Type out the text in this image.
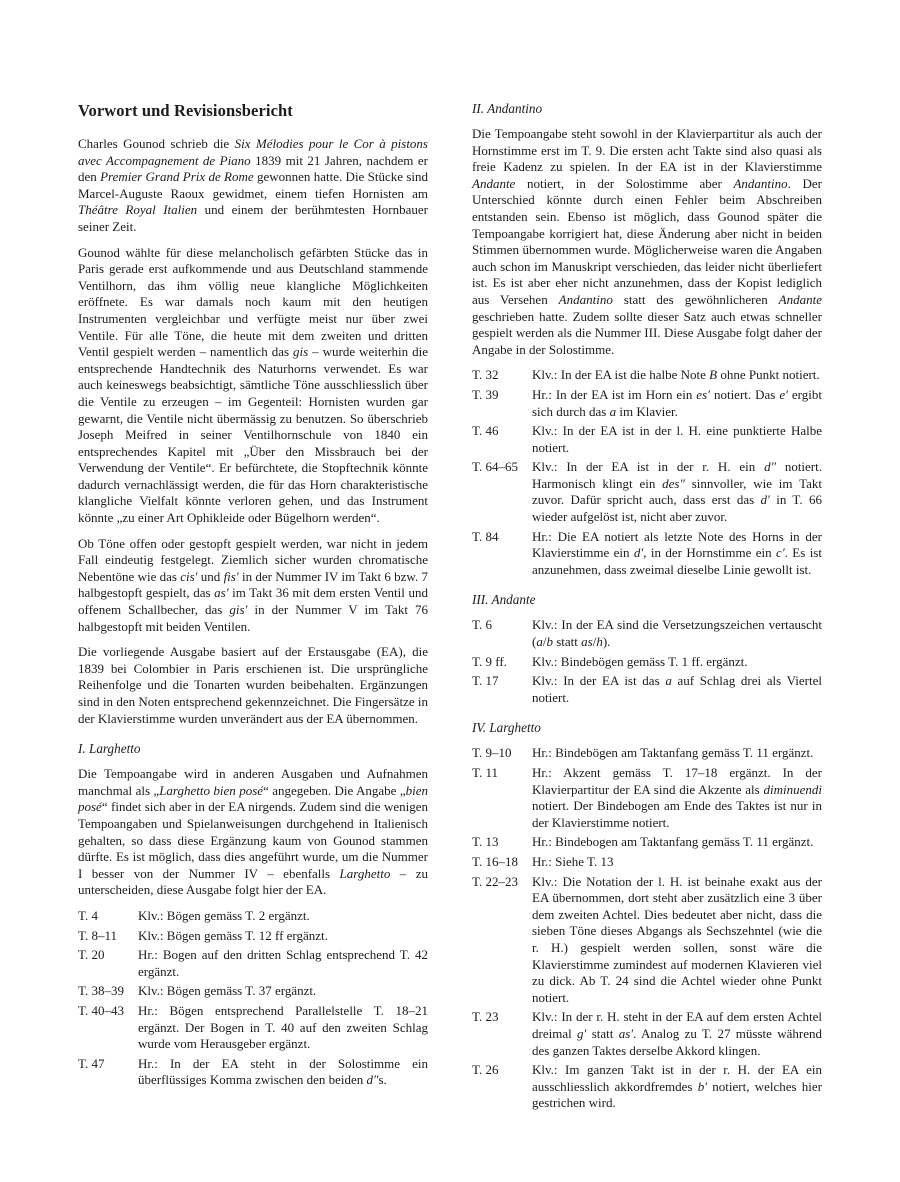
Vorwort und Revisionsbericht

Charles Gounod schrieb die Six Mélodies pour le Cor à pistons avec Accompagnement de Piano 1839 mit 21 Jahren, nachdem er den Premier Grand Prix de Rome gewonnen hatte. Die Stücke sind Marcel-Auguste Raoux gewidmet, einem tiefen Hornisten am Théâtre Royal Italien und einem der berühmtesten Hornbauer seiner Zeit.

Gounod wählte für diese melancholisch gefärbten Stücke das in Paris gerade erst aufkommende und aus Deutschland stammende Ventilhorn, das ihm völlig neue klangliche Möglichkeiten eröffnete. Es war damals noch kaum mit den heutigen Instrumenten vergleichbar und verfügte meist nur über zwei Ventile. Für alle Töne, die heute mit dem zweiten und dritten Ventil gespielt werden – namentlich das gis – wurde weiterhin die entsprechende Handtechnik des Naturhorns verwendet. Es war auch keineswegs beabsichtigt, sämtliche Töne ausschliesslich über die Ventile zu erzeugen – im Gegenteil: Hornisten wurden gar gewarnt, die Ventile nicht übermässig zu benutzen. So überschrieb Joseph Meifred in seiner Ventilhornschule von 1840 ein entsprechendes Kapitel mit „Über den Missbrauch bei der Verwendung der Ventile“. Er befürchtete, die Stopftechnik könnte dadurch vernachlässigt werden, die für das Horn charakteristische klangliche Vielfalt könnte verloren gehen, und das Instrument könnte „zu einer Art Ophikleide oder Bügelhorn werden“.

Ob Töne offen oder gestopft gespielt werden, war nicht in jedem Fall eindeutig festgelegt. Ziemlich sicher wurden chromatische Nebentöne wie das cis′ und fis′ in der Nummer IV im Takt 6 bzw. 7 halbgestopft gespielt, das as′ im Takt 36 mit dem ersten Ventil und offenem Schallbecher, das gis′ in der Nummer V im Takt 76 halbgestopft mit beiden Ventilen.

Die vorliegende Ausgabe basiert auf der Erstausgabe (EA), die 1839 bei Colombier in Paris erschienen ist. Die ursprüngliche Reihenfolge und die Tonarten wurden beibehalten. Ergänzungen sind in den Noten entsprechend gekennzeichnet. Die Fingersätze in der Klavierstimme wurden unverändert aus der EA übernommen.

I. Larghetto

Die Tempoangabe wird in anderen Ausgaben und Aufnahmen manchmal als „Larghetto bien posé“ angegeben. Die Angabe „bien posé“ findet sich aber in der EA nirgends. Zudem sind die wenigen Tempoangaben und Spielanweisungen durchgehend in Italienisch gehalten, so dass diese Ergänzung kaum von Gounod stammen dürfte. Es ist möglich, dass dies angeführt wurde, um die Nummer I besser von der Nummer IV – ebenfalls Larghetto – zu unterscheiden, diese Ausgabe folgt hier der EA.

T. 4	Klv.: Bögen gemäss T. 2 ergänzt.
T. 8–11	Klv.: Bögen gemäss T. 12 ff ergänzt.
T. 20	Hr.: Bogen auf den dritten Schlag entsprechend T. 42 ergänzt.
T. 38–39	Klv.: Bögen gemäss T. 37 ergänzt.
T. 40–43	Hr.: Bögen entsprechend Parallelstelle T. 18–21 ergänzt. Der Bogen in T. 40 auf den zweiten Schlag wurde vom Herausgeber ergänzt.
T. 47	Hr.: In der EA steht in der Solostimme ein überflüssiges Komma zwischen den beiden d″s.
II. Andantino

Die Tempoangabe steht sowohl in der Klavierpartitur als auch der Hornstimme erst im T. 9. Die ersten acht Takte sind also quasi als freie Kadenz zu spielen. In der EA ist in der Klavierstimme Andante notiert, in der Solostimme aber Andantino. Der Unterschied könnte durch einen Fehler beim Abschreiben entstanden sein. Ebenso ist möglich, dass Gounod später die Tempoangabe korrigiert hat, diese Änderung aber nicht in beiden Stimmen übernommen wurde. Möglicherweise waren die Angaben auch schon im Manuskript verschieden, das leider nicht überliefert ist. Es ist aber eher nicht anzunehmen, dass der Kopist lediglich aus Versehen Andantino statt des gewöhnlicheren Andante geschrieben hatte. Zudem sollte dieser Satz auch etwas schneller gespielt werden als die Nummer III. Diese Ausgabe folgt daher der Angabe in der Solostimme.

T. 32	Klv.: In der EA ist die halbe Note B ohne Punkt notiert.
T. 39	Hr.: In der EA ist im Horn ein es′ notiert. Das e′ ergibt sich durch das a im Klavier.
T. 46	Klv.: In der EA ist in der l. H. eine punktierte Halbe notiert.
T. 64–65	Klv.: In der EA ist in der r. H. ein d″ notiert. Harmonisch klingt ein des″ sinnvoller, wie im Takt zuvor. Dafür spricht auch, dass erst das d′ in T. 66 wieder aufgelöst ist, nicht aber zuvor.
T. 84	Hr.: Die EA notiert als letzte Note des Horns in der Klavierstimme ein d′, in der Hornstimme ein c′. Es ist anzunehmen, dass zweimal dieselbe Linie gewollt ist.
III. Andante
T. 6	Klv.: In der EA sind die Versetzungszeichen vertauscht (a/b statt as/h).
T. 9 ff.	Klv.: Bindebögen gemäss T. 1 ff. ergänzt.
T. 17	Klv.: In der EA ist das a auf Schlag drei als Viertel notiert.
IV. Larghetto
T. 9–10	Hr.: Bindebögen am Taktanfang gemäss T. 11 ergänzt.
T. 11	Hr.: Akzent gemäss T. 17–18 ergänzt. In der Klavierpartitur der EA sind die Akzente als diminuendi notiert. Der Bindebogen am Ende des Taktes ist nur in der Klavierstimme notiert.
T. 13	Hr.: Bindebogen am Taktanfang gemäss T. 11 ergänzt.
T. 16–18	Hr.: Siehe T. 13
T. 22–23	Klv.: Die Notation der l. H. ist beinahe exakt aus der EA übernommen, dort steht aber zusätzlich eine 3 über dem zweiten Achtel. Dies bedeutet aber nicht, dass die sieben Töne dieses Abgangs als Sechszehntel (wie die r. H.) gespielt werden sollen, sonst wäre die Klavierstimme zumindest auf modernen Klavieren viel zu dick. Ab T. 24 sind die Achtel wieder ohne Punkt notiert.
T. 23	Klv.: In der r. H. steht in der EA auf dem ersten Achtel dreimal g′ statt as′. Analog zu T. 27 müsste während des ganzen Taktes derselbe Akkord klingen.
T. 26	Klv.: Im ganzen Takt ist in der r. H. der EA ein ausschliesslich akkordfremdes b′ notiert, welches hier gestrichen wird.
